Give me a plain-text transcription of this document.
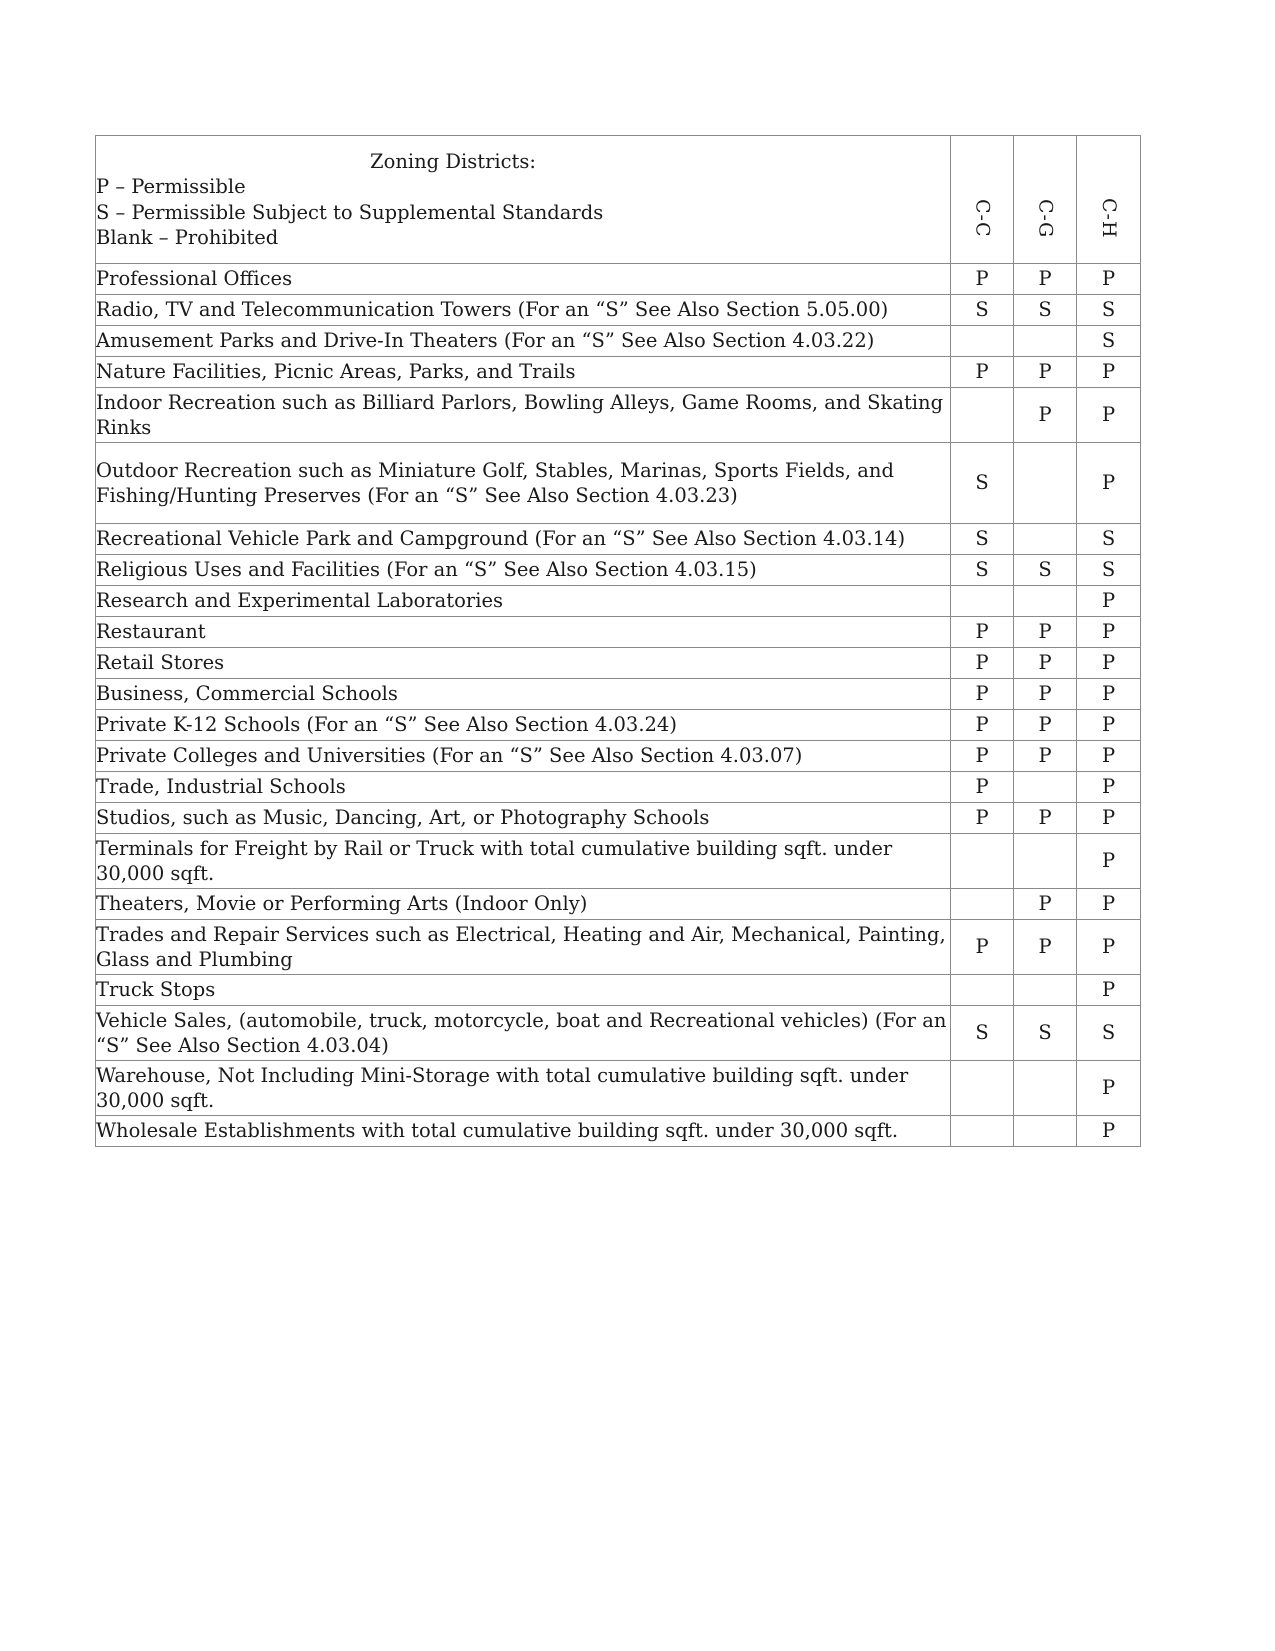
Zoning Districts:
P – Permissible
S – Permissible Subject to Supplemental Standards
Blank – Prohibited	C-C	C-G	C-H
Professional Offices	P	P	P
Radio, TV and Telecommunication Towers (For an “S” See Also Section 5.05.00)	S	S	S
Amusement Parks and Drive-In Theaters (For an “S” See Also Section 4.03.22)			S
Nature Facilities, Picnic Areas, Parks, and Trails	P	P	P
Indoor Recreation such as Billiard Parlors, Bowling Alleys, Game Rooms, and Skating Rinks		P	P
Outdoor Recreation such as Miniature Golf, Stables, Marinas, Sports Fields, and Fishing/Hunting Preserves (For an “S” See Also Section 4.03.23)	S		P
Recreational Vehicle Park and Campground (For an “S” See Also Section 4.03.14)	S		S
Religious Uses and Facilities (For an “S” See Also Section 4.03.15)	S	S	S
Research and Experimental Laboratories			P
Restaurant	P	P	P
Retail Stores	P	P	P
Business, Commercial Schools	P	P	P
Private K-12 Schools (For an “S” See Also Section 4.03.24)	P	P	P
Private Colleges and Universities (For an “S” See Also Section 4.03.07)	P	P	P
Trade, Industrial Schools	P		P
Studios, such as Music, Dancing, Art, or Photography Schools	P	P	P
Terminals for Freight by Rail or Truck with total cumulative building sqft. under 30,000 sqft.			P
Theaters, Movie or Performing Arts (Indoor Only)		P	P
Trades and Repair Services such as Electrical, Heating and Air, Mechanical, Painting, Glass and Plumbing	P	P	P
Truck Stops			P
Vehicle Sales, (automobile, truck, motorcycle, boat and Recreational vehicles) (For an “S” See Also Section 4.03.04)	S	S	S
Warehouse, Not Including Mini-Storage with total cumulative building sqft. under 30,000 sqft.			P
Wholesale Establishments with total cumulative building sqft. under 30,000 sqft.			P
